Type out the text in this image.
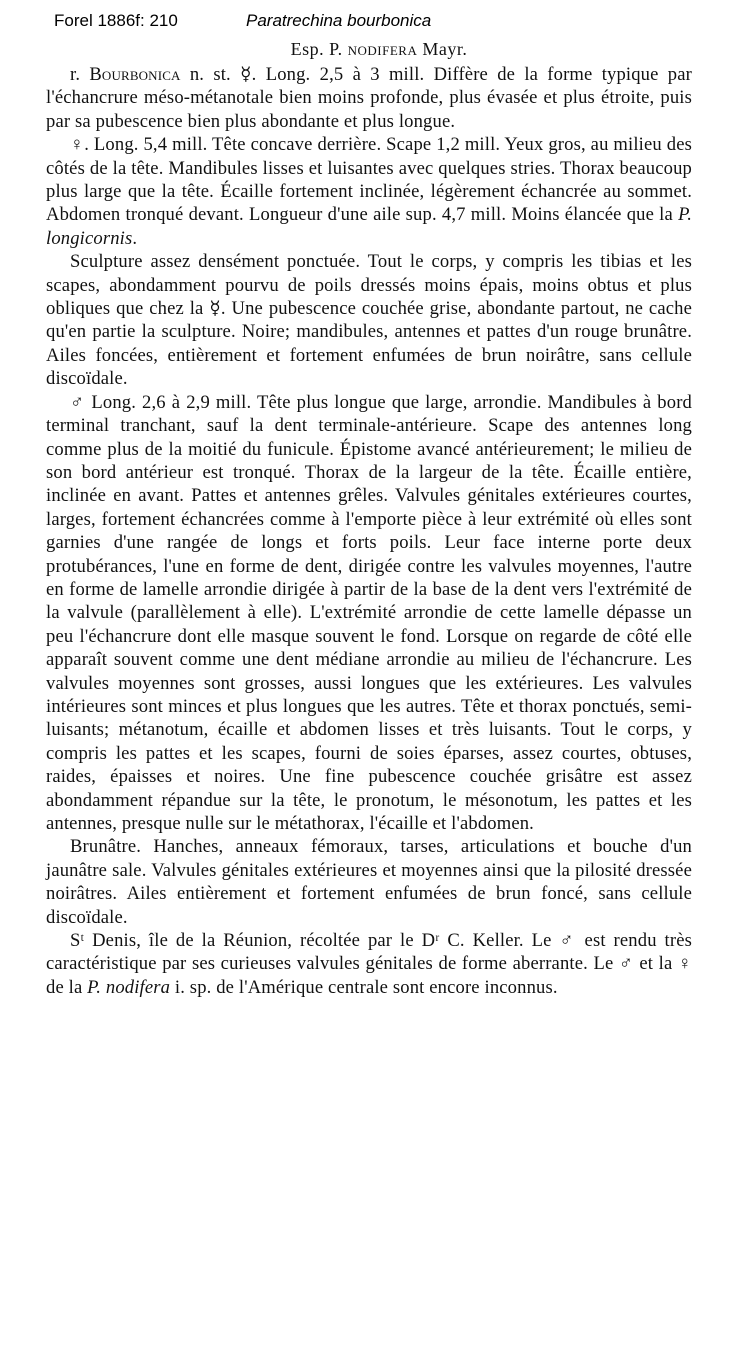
Forel 1886f: 210	Paratrechina bourbonica
Esp. P. nodifera Mayr.

r. Bourbonica n. st. ☿. Long. 2,5 à 3 mill. Diffère de la forme typique par l'échancrure méso-métanotale bien moins profonde, plus évasée et plus étroite, puis par sa pubescence bien plus abondante et plus longue.

♀. Long. 5,4 mill. Tête concave derrière. Scape 1,2 mill. Yeux gros, au milieu des côtés de la tête. Mandibules lisses et luisantes avec quelques stries. Thorax beaucoup plus large que la tête. Écaille fortement inclinée, légèrement échancrée au sommet. Abdomen tronqué devant. Longueur d'une aile sup. 4,7 mill. Moins élancée que la P. longicornis.

Sculpture assez densément ponctuée. Tout le corps, y compris les tibias et les scapes, abondamment pourvu de poils dressés moins épais, moins obtus et plus obliques que chez la ☿. Une pubescence couchée grise, abondante partout, ne cache qu'en partie la sculpture. Noire; mandibules, antennes et pattes d'un rouge brunâtre. Ailes foncées, entièrement et fortement enfumées de brun noirâtre, sans cellule discoïdale.

♂ Long. 2,6 à 2,9 mill. Tête plus longue que large, arrondie. Mandibules à bord terminal tranchant, sauf la dent terminale-antérieure. Scape des antennes long comme plus de la moitié du funicule. Épistome avancé antérieurement; le milieu de son bord antérieur est tronqué. Thorax de la largeur de la tête. Écaille entière, inclinée en avant. Pattes et antennes grêles. Valvules génitales extérieures courtes, larges, fortement échancrées comme à l'emporte pièce à leur extrémité où elles sont garnies d'une rangée de longs et forts poils. Leur face interne porte deux protubérances, l'une en forme de dent, dirigée contre les valvules moyennes, l'autre en forme de lamelle arrondie dirigée à partir de la base de la dent vers l'extrémité de la valvule (parallèlement à elle). L'extrémité arrondie de cette lamelle dépasse un peu l'échancrure dont elle masque souvent le fond. Lorsque on regarde de côté elle apparaît souvent comme une dent médiane arrondie au milieu de l'échancrure. Les valvules moyennes sont grosses, aussi longues que les extérieures. Les valvules intérieures sont minces et plus longues que les autres. Tête et thorax ponctués, semi-luisants; métanotum, écaille et abdomen lisses et très luisants. Tout le corps, y compris les pattes et les scapes, fourni de soies éparses, assez courtes, obtuses, raides, épaisses et noires. Une fine pubescence couchée grisâtre est assez abondamment répandue sur la tête, le pronotum, le mésonotum, les pattes et les antennes, presque nulle sur le métathorax, l'écaille et l'abdomen.

Brunâtre. Hanches, anneaux fémoraux, tarses, articulations et bouche d'un jaunâtre sale. Valvules génitales extérieures et moyennes ainsi que la pilosité dressée noirâtres. Ailes entièrement et fortement enfumées de brun foncé, sans cellule discoïdale.

Sᵗ Denis, île de la Réunion, récoltée par le Dʳ C. Keller. Le ♂ est rendu très caractéristique par ses curieuses valvules génitales de forme aberrante. Le ♂ et la ♀ de la P. nodifera i. sp. de l'Amérique centrale sont encore inconnus.
